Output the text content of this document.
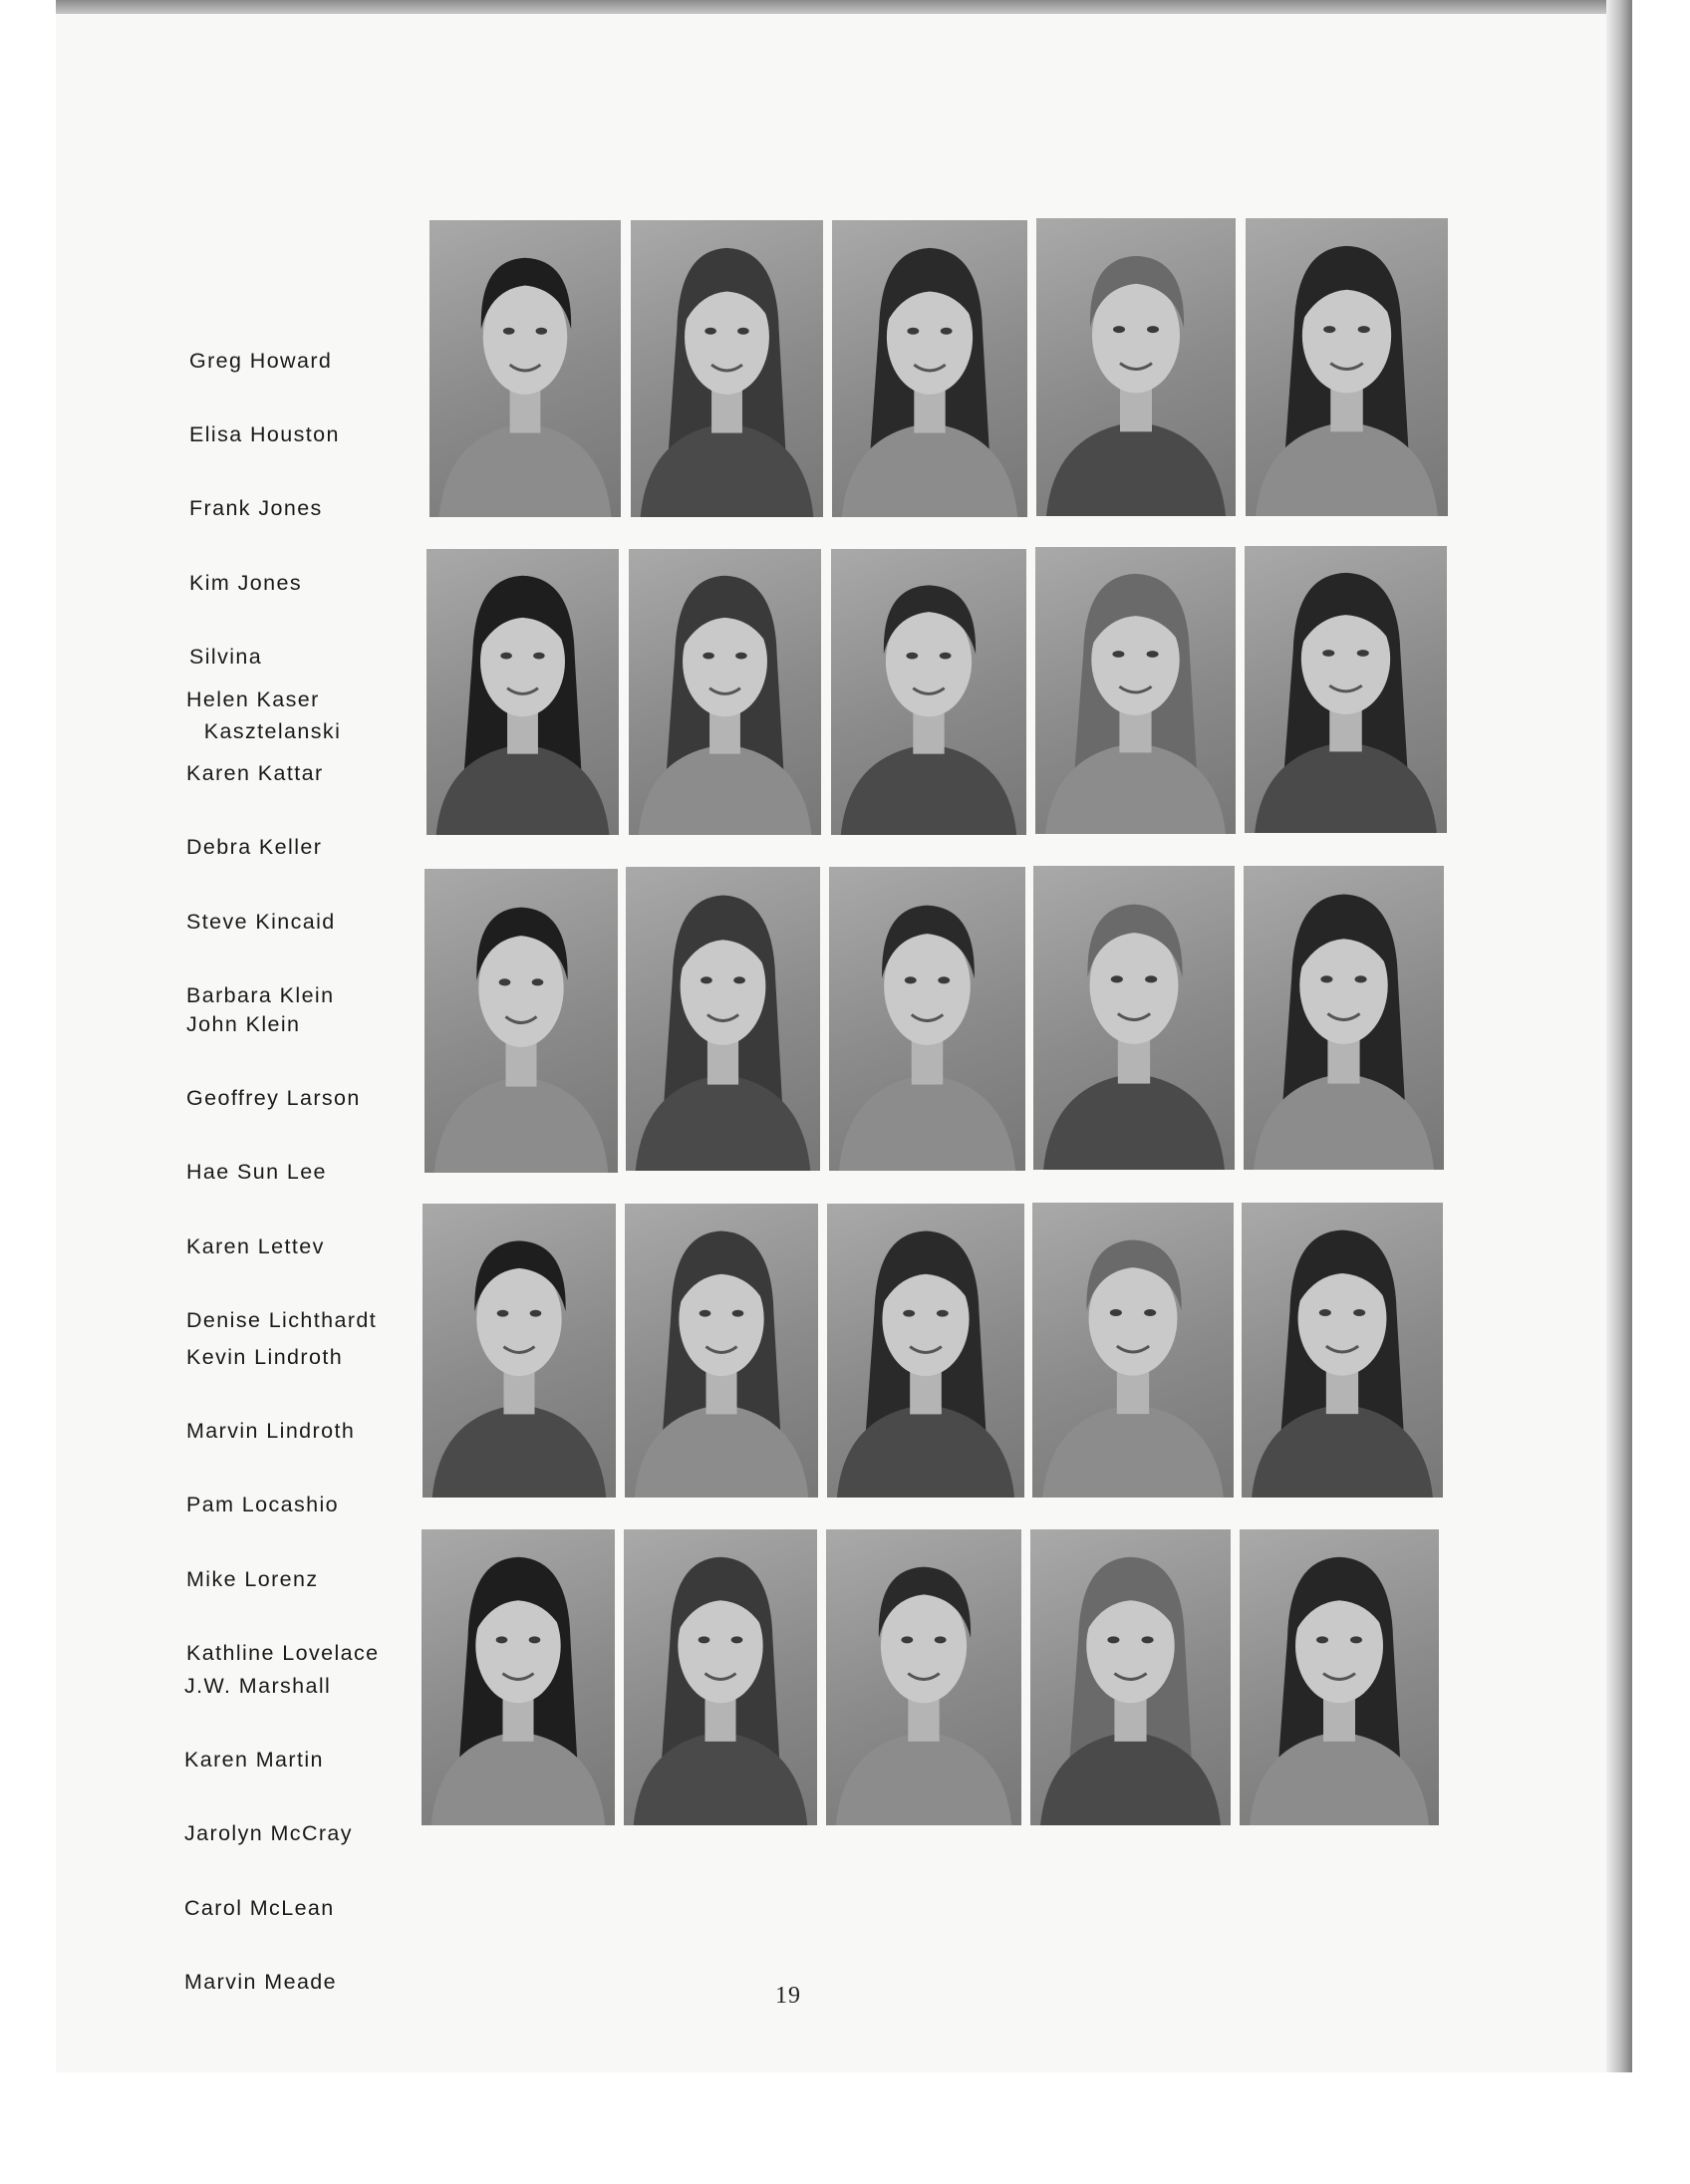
Greg Howard

Elisa Houston

Frank Jones

Kim Jones

Silvina

Kasztelanski

Helen Kaser

Karen Kattar

Debra Keller

Steve Kincaid

Barbara Klein

John Klein

Geoffrey Larson

Hae Sun Lee

Karen Lettev

Denise Lichthardt

Kevin Lindroth

Marvin Lindroth

Pam Locashio

Mike Lorenz

Kathline Lovelace

J.W. Marshall

Karen Martin

Jarolyn McCray

Carol McLean

Marvin Meade

19
